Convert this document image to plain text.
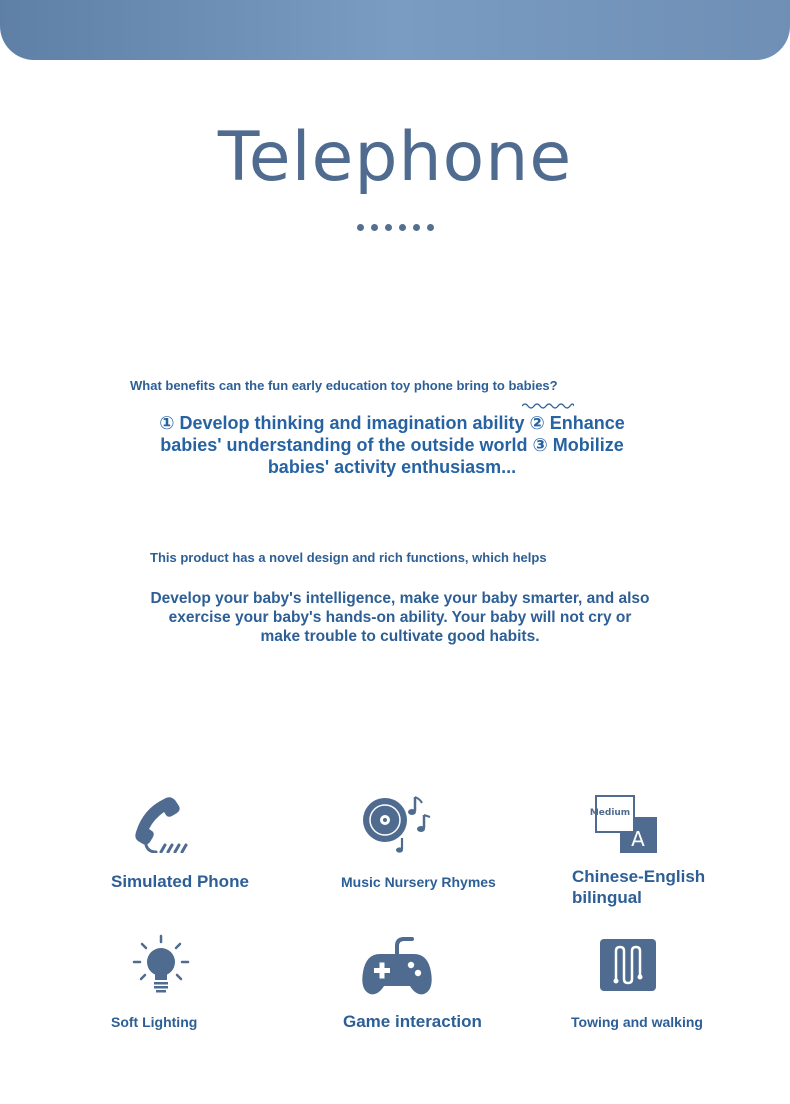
Telephone
What benefits can the fun early education toy phone bring to babies?
① Develop thinking and imagination ability ② Enhance babies' understanding of the outside world ③ Mobilize babies' activity enthusiasm...
This product has a novel design and rich functions, which helps
Develop your baby's intelligence, make your baby smarter, and also exercise your baby's hands-on ability. Your baby will not cry or make trouble to cultivate good habits.
Simulated Phone	Music Nursery Rhymes
Medium
A
Chinese-English bilingual
Soft Lighting	Game interaction	Towing and walking
